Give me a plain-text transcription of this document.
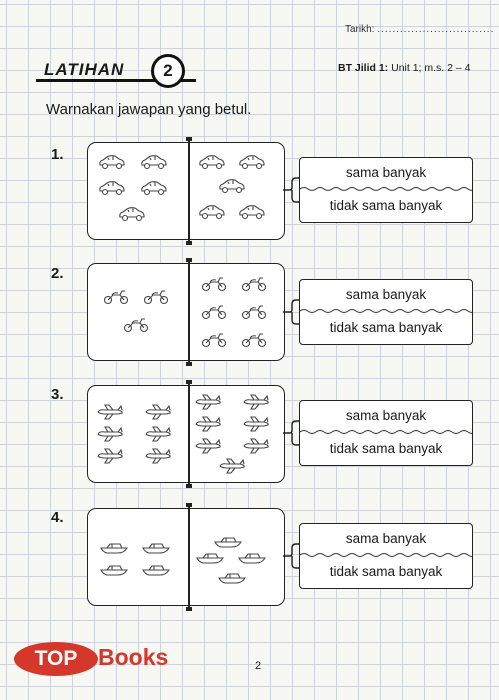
Tarikh: ...............................
LATIHAN	2	BT Jilid 1: Unit 1; m.s. 2 – 4
Warnakan jawapan yang betul.
1.
sama banyak
tidak sama banyak
2.
sama banyak
tidak sama banyak
3.
sama banyak
tidak sama banyak
4.
sama banyak
tidak sama banyak
TOP Books	2
